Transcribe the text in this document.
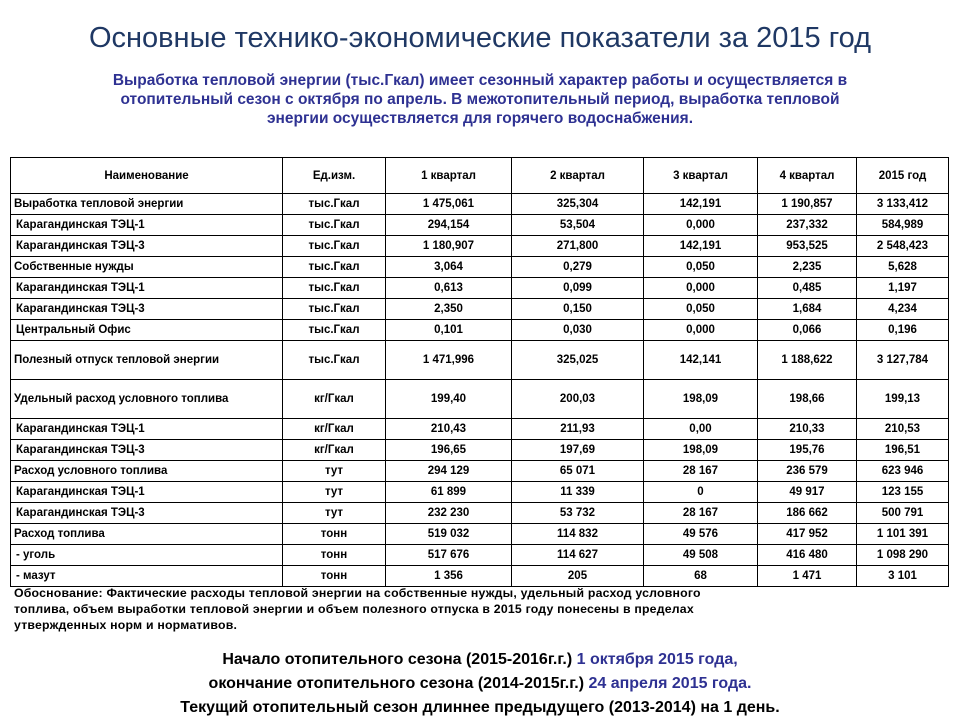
Основные технико-экономические показатели за 2015 год
Выработка тепловой энергии (тыс.Гкал) имеет сезонный характер работы и осуществляется в
отопительный сезон с октября по апрель. В межотопительный период, выработка тепловой
энергии осуществляется для горячего водоснабжения.
Наименование	Ед.изм.	1 квартал	2 квартал	3 квартал	4 квартал	2015 год
Выработка тепловой энергии	тыс.Гкал	1 475,061	325,304	142,191	1 190,857	3 133,412
Карагандинская ТЭЦ-1	тыс.Гкал	294,154	53,504	0,000	237,332	584,989
Карагандинская ТЭЦ-3	тыс.Гкал	1 180,907	271,800	142,191	953,525	2 548,423
Собственные нужды	тыс.Гкал	3,064	0,279	0,050	2,235	5,628
Карагандинская ТЭЦ-1	тыс.Гкал	0,613	0,099	0,000	0,485	1,197
Карагандинская ТЭЦ-3	тыс.Гкал	2,350	0,150	0,050	1,684	4,234
Центральный Офис	тыс.Гкал	0,101	0,030	0,000	0,066	0,196
Полезный отпуск тепловой энергии	тыс.Гкал	1 471,996	325,025	142,141	1 188,622	3 127,784
Удельный расход условного топлива	кг/Гкал	199,40	200,03	198,09	198,66	199,13
Карагандинская ТЭЦ-1	кг/Гкал	210,43	211,93	0,00	210,33	210,53
Карагандинская ТЭЦ-3	кг/Гкал	196,65	197,69	198,09	195,76	196,51
Расход условного топлива	тут	294 129	65 071	28 167	236 579	623 946
Карагандинская ТЭЦ-1	тут	61 899	11 339	0	49 917	123 155
Карагандинская ТЭЦ-3	тут	232 230	53 732	28 167	186 662	500 791
Расход топлива	тонн	519 032	114 832	49 576	417 952	1 101 391
- уголь	тонн	517 676	114 627	49 508	416 480	1 098 290
- мазут	тонн	1 356	205	68	1 471	3 101
Обоснование: Фактические расходы тепловой энергии на собственные нужды, удельный расход условного
топлива, объем выработки тепловой энергии и объем полезного отпуска в 2015 году понесены в пределах
утвержденных норм и нормативов.
Начало отопительного сезона (2015-2016г.г.) 1 октября 2015 года,
окончание отопительного сезона (2014-2015г.г.) 24 апреля 2015 года.
Текущий отопительный сезон длиннее предыдущего (2013-2014) на 1 день.
